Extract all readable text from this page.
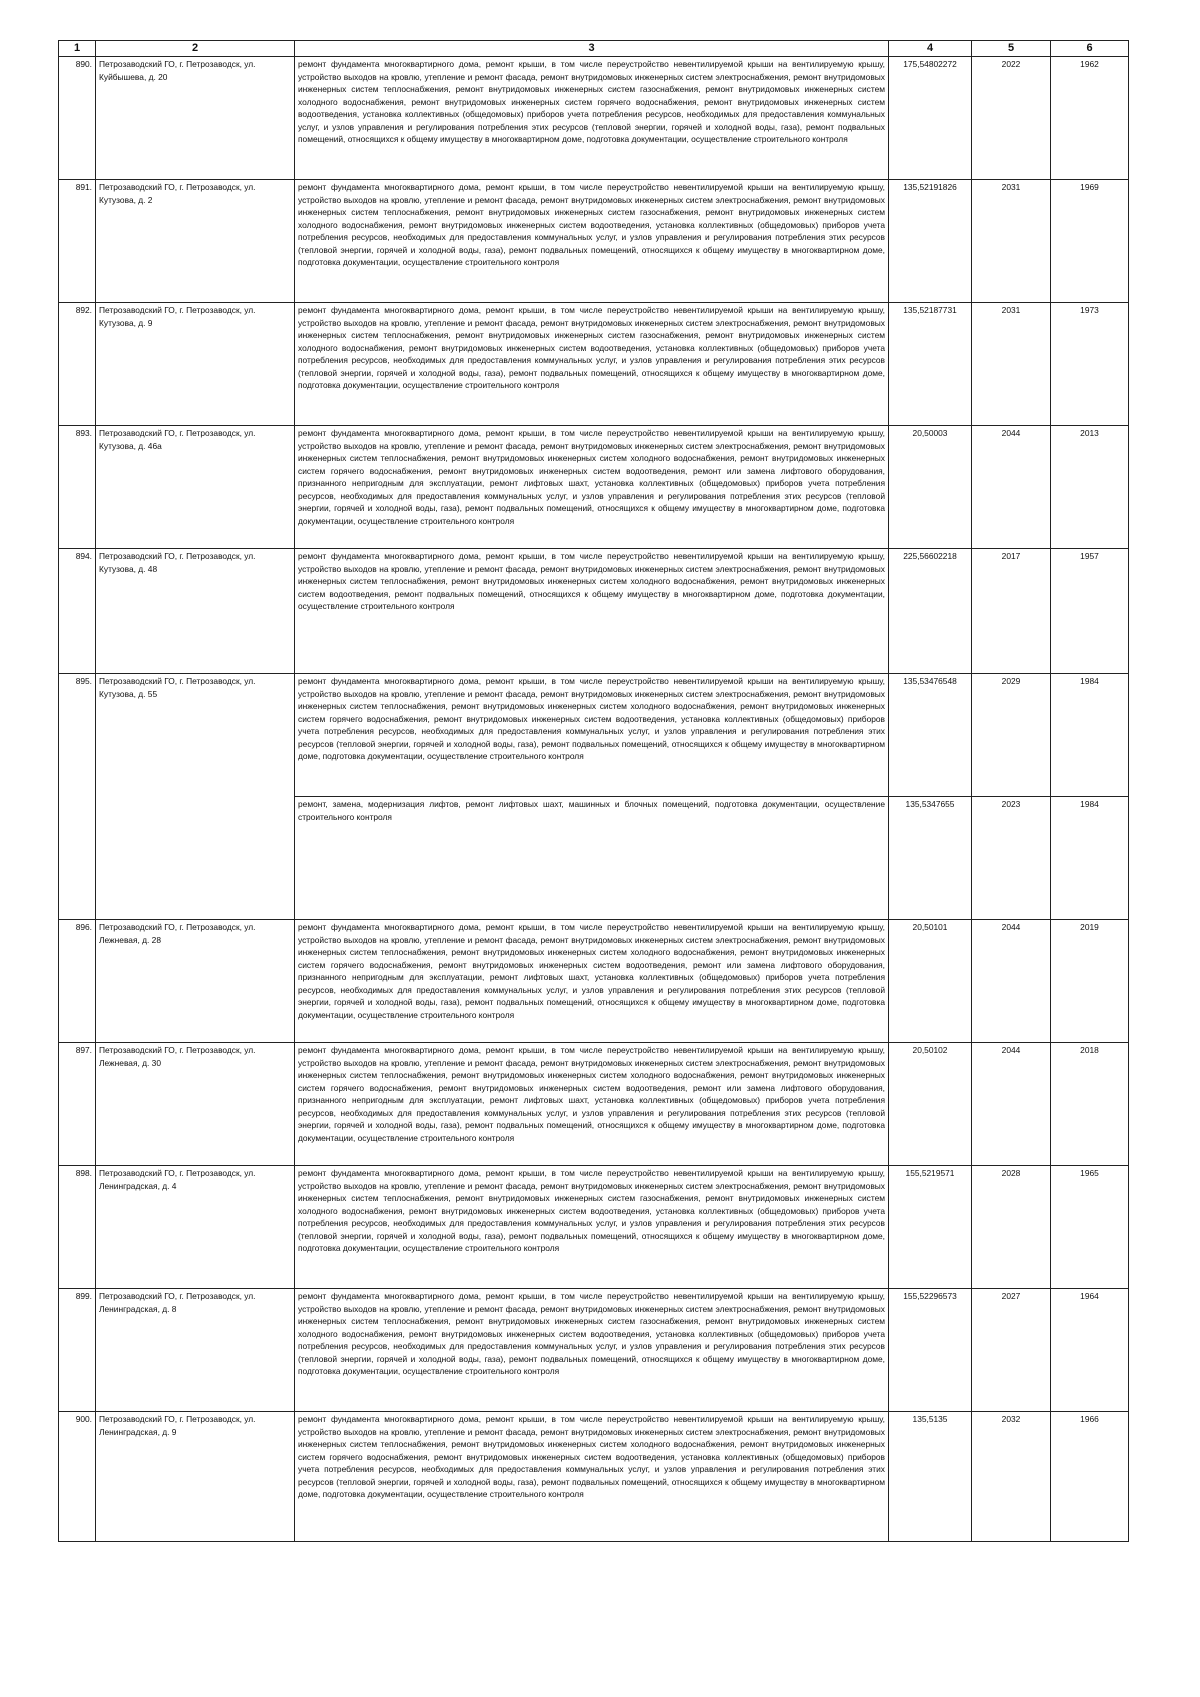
1	2	3	4	5	6
890.	Петрозаводский ГО, г. Петрозаводск, ул. Куйбышева, д. 20	ремонт фундамента многоквартирного дома, ремонт крыши, в том числе переустройство невентилируемой крыши на вентилируемую крышу, устройство выходов на кровлю, утепление и ремонт фасада, ремонт внутридомовых инженерных систем электроснабжения, ремонт внутридомовых инженерных систем теплоснабжения, ремонт внутридомовых инженерных систем газоснабжения, ремонт внутридомовых инженерных систем холодного водоснабжения, ремонт внутридомовых инженерных систем горячего водоснабжения, ремонт внутридомовых инженерных систем водоотведения, установка коллективных (общедомовых) приборов учета потребления ресурсов, необходимых для предоставления коммунальных услуг, и узлов управления и регулирования потребления этих ресурсов (тепловой энергии, горячей и холодной воды, газа), ремонт подвальных помещений, относящихся к общему имуществу в многоквартирном доме, подготовка документации, осуществление строительного контроля	175,54802272	2022	1962
891.	Петрозаводский ГО, г. Петрозаводск, ул. Кутузова, д. 2	ремонт фундамента многоквартирного дома, ремонт крыши, в том числе переустройство невентилируемой крыши на вентилируемую крышу, устройство выходов на кровлю, утепление и ремонт фасада, ремонт внутридомовых инженерных систем электроснабжения, ремонт внутридомовых инженерных систем теплоснабжения, ремонт внутридомовых инженерных систем газоснабжения, ремонт внутридомовых инженерных систем холодного водоснабжения, ремонт внутридомовых инженерных систем водоотведения, установка коллективных (общедомовых) приборов учета потребления ресурсов, необходимых для предоставления коммунальных услуг, и узлов управления и регулирования потребления этих ресурсов (тепловой энергии, горячей и холодной воды, газа), ремонт подвальных помещений, относящихся к общему имуществу в многоквартирном доме, подготовка документации, осуществление строительного контроля	135,52191826	2031	1969
892.	Петрозаводский ГО, г. Петрозаводск, ул. Кутузова, д. 9	ремонт фундамента многоквартирного дома, ремонт крыши, в том числе переустройство невентилируемой крыши на вентилируемую крышу, устройство выходов на кровлю, утепление и ремонт фасада, ремонт внутридомовых инженерных систем электроснабжения, ремонт внутридомовых инженерных систем теплоснабжения, ремонт внутридомовых инженерных систем газоснабжения, ремонт внутридомовых инженерных систем холодного водоснабжения, ремонт внутридомовых инженерных систем водоотведения, установка коллективных (общедомовых) приборов учета потребления ресурсов, необходимых для предоставления коммунальных услуг, и узлов управления и регулирования потребления этих ресурсов (тепловой энергии, горячей и холодной воды, газа), ремонт подвальных помещений, относящихся к общему имуществу в многоквартирном доме, подготовка документации, осуществление строительного контроля	135,52187731	2031	1973
893.	Петрозаводский ГО, г. Петрозаводск, ул. Кутузова, д. 46а	ремонт фундамента многоквартирного дома, ремонт крыши, в том числе переустройство невентилируемой крыши на вентилируемую крышу, устройство выходов на кровлю, утепление и ремонт фасада, ремонт внутридомовых инженерных систем электроснабжения, ремонт внутридомовых инженерных систем теплоснабжения, ремонт внутридомовых инженерных систем холодного водоснабжения, ремонт внутридомовых инженерных систем горячего водоснабжения, ремонт внутридомовых инженерных систем водоотведения, ремонт или замена лифтового оборудования, признанного непригодным для эксплуатации, ремонт лифтовых шахт, установка коллективных (общедомовых) приборов учета потребления ресурсов, необходимых для предоставления коммунальных услуг, и узлов управления и регулирования потребления этих ресурсов (тепловой энергии, горячей и холодной воды, газа), ремонт подвальных помещений, относящихся к общему имуществу в многоквартирном доме, подготовка документации, осуществление строительного контроля	20,50003	2044	2013
894.	Петрозаводский ГО, г. Петрозаводск, ул. Кутузова, д. 48	ремонт фундамента многоквартирного дома, ремонт крыши, в том числе переустройство невентилируемой крыши на вентилируемую крышу, устройство выходов на кровлю, утепление и ремонт фасада, ремонт внутридомовых инженерных систем электроснабжения, ремонт внутридомовых инженерных систем теплоснабжения, ремонт внутридомовых инженерных систем холодного водоснабжения, ремонт внутридомовых инженерных систем водоотведения, ремонт подвальных помещений, относящихся к общему имуществу в многоквартирном доме, подготовка документации, осуществление строительного контроля	225,56602218	2017	1957
895.	Петрозаводский ГО, г. Петрозаводск, ул. Кутузова, д. 55	ремонт фундамента многоквартирного дома, ремонт крыши, в том числе переустройство невентилируемой крыши на вентилируемую крышу, устройство выходов на кровлю, утепление и ремонт фасада, ремонт внутридомовых инженерных систем электроснабжения, ремонт внутридомовых инженерных систем теплоснабжения, ремонт внутридомовых инженерных систем холодного водоснабжения, ремонт внутридомовых инженерных систем горячего водоснабжения, ремонт внутридомовых инженерных систем водоотведения, установка коллективных (общедомовых) приборов учета потребления ресурсов, необходимых для предоставления коммунальных услуг, и узлов управления и регулирования потребления этих ресурсов (тепловой энергии, горячей и холодной воды, газа), ремонт подвальных помещений, относящихся к общему имуществу в многоквартирном доме, подготовка документации, осуществление строительного контроля	135,53476548	2029	1984
		ремонт, замена, модернизация лифтов, ремонт лифтовых шахт, машинных и блочных помещений, подготовка документации, осуществление строительного контроля	135,5347655	2023	1984
896.	Петрозаводский ГО, г. Петрозаводск, ул. Лежневая, д. 28	ремонт фундамента многоквартирного дома, ремонт крыши, в том числе переустройство невентилируемой крыши на вентилируемую крышу, устройство выходов на кровлю, утепление и ремонт фасада, ремонт внутридомовых инженерных систем электроснабжения, ремонт внутридомовых инженерных систем теплоснабжения, ремонт внутридомовых инженерных систем холодного водоснабжения, ремонт внутридомовых инженерных систем горячего водоснабжения, ремонт внутридомовых инженерных систем водоотведения, ремонт или замена лифтового оборудования, признанного непригодным для эксплуатации, ремонт лифтовых шахт, установка коллективных (общедомовых) приборов учета потребления ресурсов, необходимых для предоставления коммунальных услуг, и узлов управления и регулирования потребления этих ресурсов (тепловой энергии, горячей и холодной воды, газа), ремонт подвальных помещений, относящихся к общему имуществу в многоквартирном доме, подготовка документации, осуществление строительного контроля	20,50101	2044	2019
897.	Петрозаводский ГО, г. Петрозаводск, ул. Лежневая, д. 30	ремонт фундамента многоквартирного дома, ремонт крыши, в том числе переустройство невентилируемой крыши на вентилируемую крышу, устройство выходов на кровлю, утепление и ремонт фасада, ремонт внутридомовых инженерных систем электроснабжения, ремонт внутридомовых инженерных систем теплоснабжения, ремонт внутридомовых инженерных систем холодного водоснабжения, ремонт внутридомовых инженерных систем горячего водоснабжения, ремонт внутридомовых инженерных систем водоотведения, ремонт или замена лифтового оборудования, признанного непригодным для эксплуатации, ремонт лифтовых шахт, установка коллективных (общедомовых) приборов учета потребления ресурсов, необходимых для предоставления коммунальных услуг, и узлов управления и регулирования потребления этих ресурсов (тепловой энергии, горячей и холодной воды, газа), ремонт подвальных помещений, относящихся к общему имуществу в многоквартирном доме, подготовка документации, осуществление строительного контроля	20,50102	2044	2018
898.	Петрозаводский ГО, г. Петрозаводск, ул. Ленинградская, д. 4	ремонт фундамента многоквартирного дома, ремонт крыши, в том числе переустройство невентилируемой крыши на вентилируемую крышу, устройство выходов на кровлю, утепление и ремонт фасада, ремонт внутридомовых инженерных систем электроснабжения, ремонт внутридомовых инженерных систем теплоснабжения, ремонт внутридомовых инженерных систем газоснабжения, ремонт внутридомовых инженерных систем холодного водоснабжения, ремонт внутридомовых инженерных систем водоотведения, установка коллективных (общедомовых) приборов учета потребления ресурсов, необходимых для предоставления коммунальных услуг, и узлов управления и регулирования потребления этих ресурсов (тепловой энергии, горячей и холодной воды, газа), ремонт подвальных помещений, относящихся к общему имуществу в многоквартирном доме, подготовка документации, осуществление строительного контроля	155,5219571	2028	1965
899.	Петрозаводский ГО, г. Петрозаводск, ул. Ленинградская, д. 8	ремонт фундамента многоквартирного дома, ремонт крыши, в том числе переустройство невентилируемой крыши на вентилируемую крышу, устройство выходов на кровлю, утепление и ремонт фасада, ремонт внутридомовых инженерных систем электроснабжения, ремонт внутридомовых инженерных систем теплоснабжения, ремонт внутридомовых инженерных систем газоснабжения, ремонт внутридомовых инженерных систем холодного водоснабжения, ремонт внутридомовых инженерных систем водоотведения, установка коллективных (общедомовых) приборов учета потребления ресурсов, необходимых для предоставления коммунальных услуг, и узлов управления и регулирования потребления этих ресурсов (тепловой энергии, горячей и холодной воды, газа), ремонт подвальных помещений, относящихся к общему имуществу в многоквартирном доме, подготовка документации, осуществление строительного контроля	155,52296573	2027	1964
900.	Петрозаводский ГО, г. Петрозаводск, ул. Ленинградская, д. 9	ремонт фундамента многоквартирного дома, ремонт крыши, в том числе переустройство невентилируемой крыши на вентилируемую крышу, устройство выходов на кровлю, утепление и ремонт фасада, ремонт внутридомовых инженерных систем электроснабжения, ремонт внутридомовых инженерных систем теплоснабжения, ремонт внутридомовых инженерных систем холодного водоснабжения, ремонт внутридомовых инженерных систем горячего водоснабжения, ремонт внутридомовых инженерных систем водоотведения, установка коллективных (общедомовых) приборов учета потребления ресурсов, необходимых для предоставления коммунальных услуг, и узлов управления и регулирования потребления этих ресурсов (тепловой энергии, горячей и холодной воды, газа), ремонт подвальных помещений, относящихся к общему имуществу в многоквартирном доме, подготовка документации, осуществление строительного контроля	135,5135	2032	1966
